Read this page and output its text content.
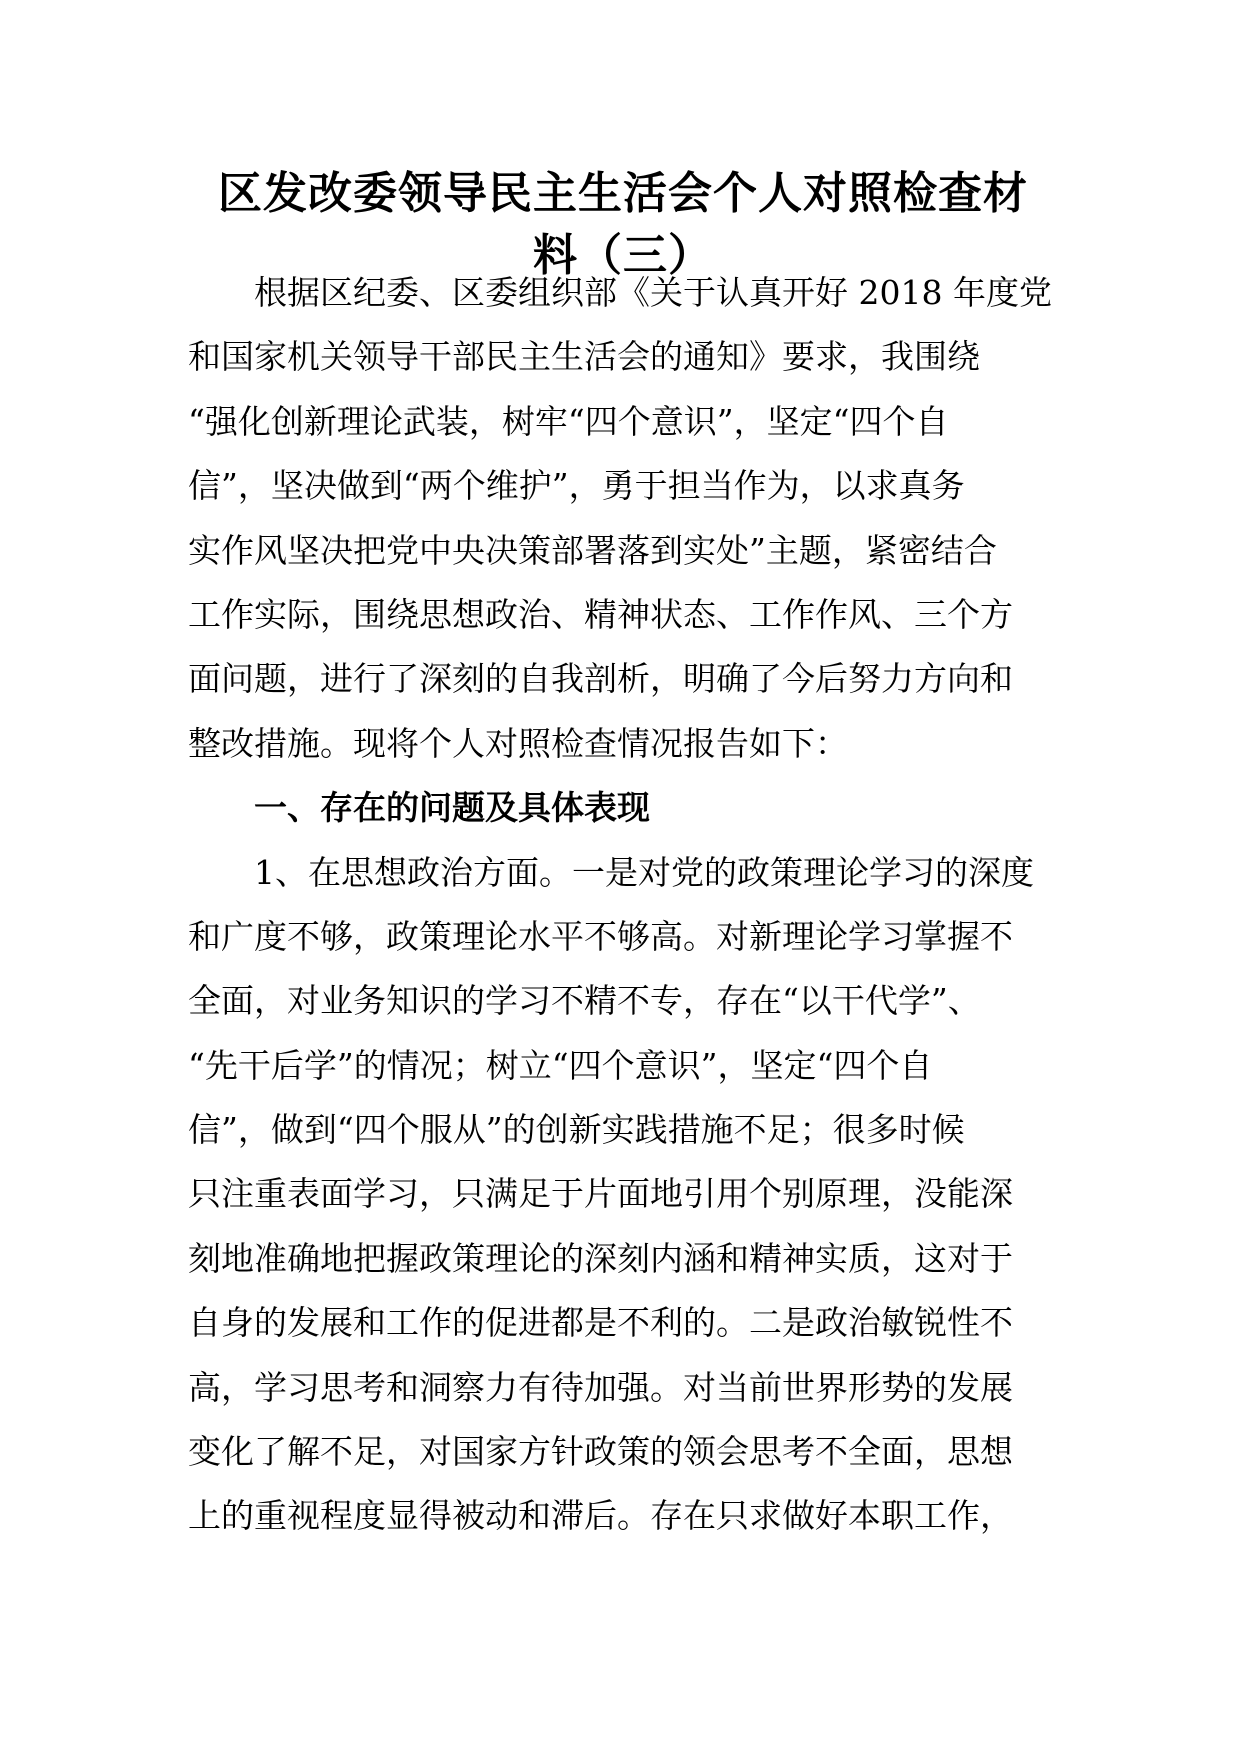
区发改委领导民主生活会个人对照检查材
料（三）
根据区纪委、区委组织部《关于认真开好 2018 年度党
和国家机关领导干部民主生活会的通知》要求，我围绕
“强化创新理论武装，树牢“四个意识”，坚定“四个自
信”，坚决做到“两个维护”，勇于担当作为，以求真务
实作风坚决把党中央决策部署落到实处”主题，紧密结合
工作实际，围绕思想政治、精神状态、工作作风、三个方
面问题，进行了深刻的自我剖析，明确了今后努力方向和
整改措施。现将个人对照检查情况报告如下：
一、存在的问题及具体表现
1、在思想政治方面。一是对党的政策理论学习的深度
和广度不够，政策理论水平不够高。对新理论学习掌握不
全面，对业务知识的学习不精不专，存在“以干代学”、
“先干后学”的情况；树立“四个意识”，坚定“四个自
信”，做到“四个服从”的创新实践措施不足；很多时候
只注重表面学习，只满足于片面地引用个别原理，没能深
刻地准确地把握政策理论的深刻内涵和精神实质，这对于
自身的发展和工作的促进都是不利的。二是政治敏锐性不
高，学习思考和洞察力有待加强。对当前世界形势的发展
变化了解不足，对国家方针政策的领会思考不全面，思想
上的重视程度显得被动和滞后。存在只求做好本职工作，
